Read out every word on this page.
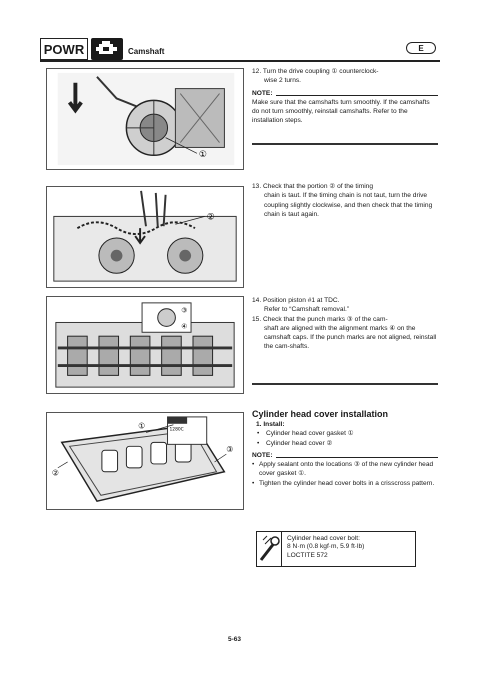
POWR	Camshaft	E
①
12. Turn the drive coupling ① counterclock-
wise 2 turns.
NOTE:
Make sure that the camshafts turn smoothly. If the camshafts do not turn smoothly, reinstall camshafts. Refer to the installation steps.
②
13. Check that the portion ② of the timing
chain is taut. If the timing chain is not taut, turn the drive coupling slightly clockwise, and then check that the timing chain is taut again.
③
④
14. Position piston #1 at TDC.
Refer to “Camshaft removal.”
15. Check that the punch marks ③ of the cam-
shaft are aligned with the alignment marks ④ on the camshaft caps. If the punch marks are not aligned, reinstall the cam-shafts.
1280C
①
②
③
Cylinder head cover installation
1. Install:
• Cylinder head cover gasket ①
• Cylinder head cover ②
NOTE:
• Apply sealant onto the locations ③ of the new cylinder head cover gasket ①.
• Tighten the cylinder head cover bolts in a crisscross pattern.
Cylinder head cover bolt:
8 N·m (0.8 kgf·m, 5.9 ft·lb)
LOCTITE 572
5-63
